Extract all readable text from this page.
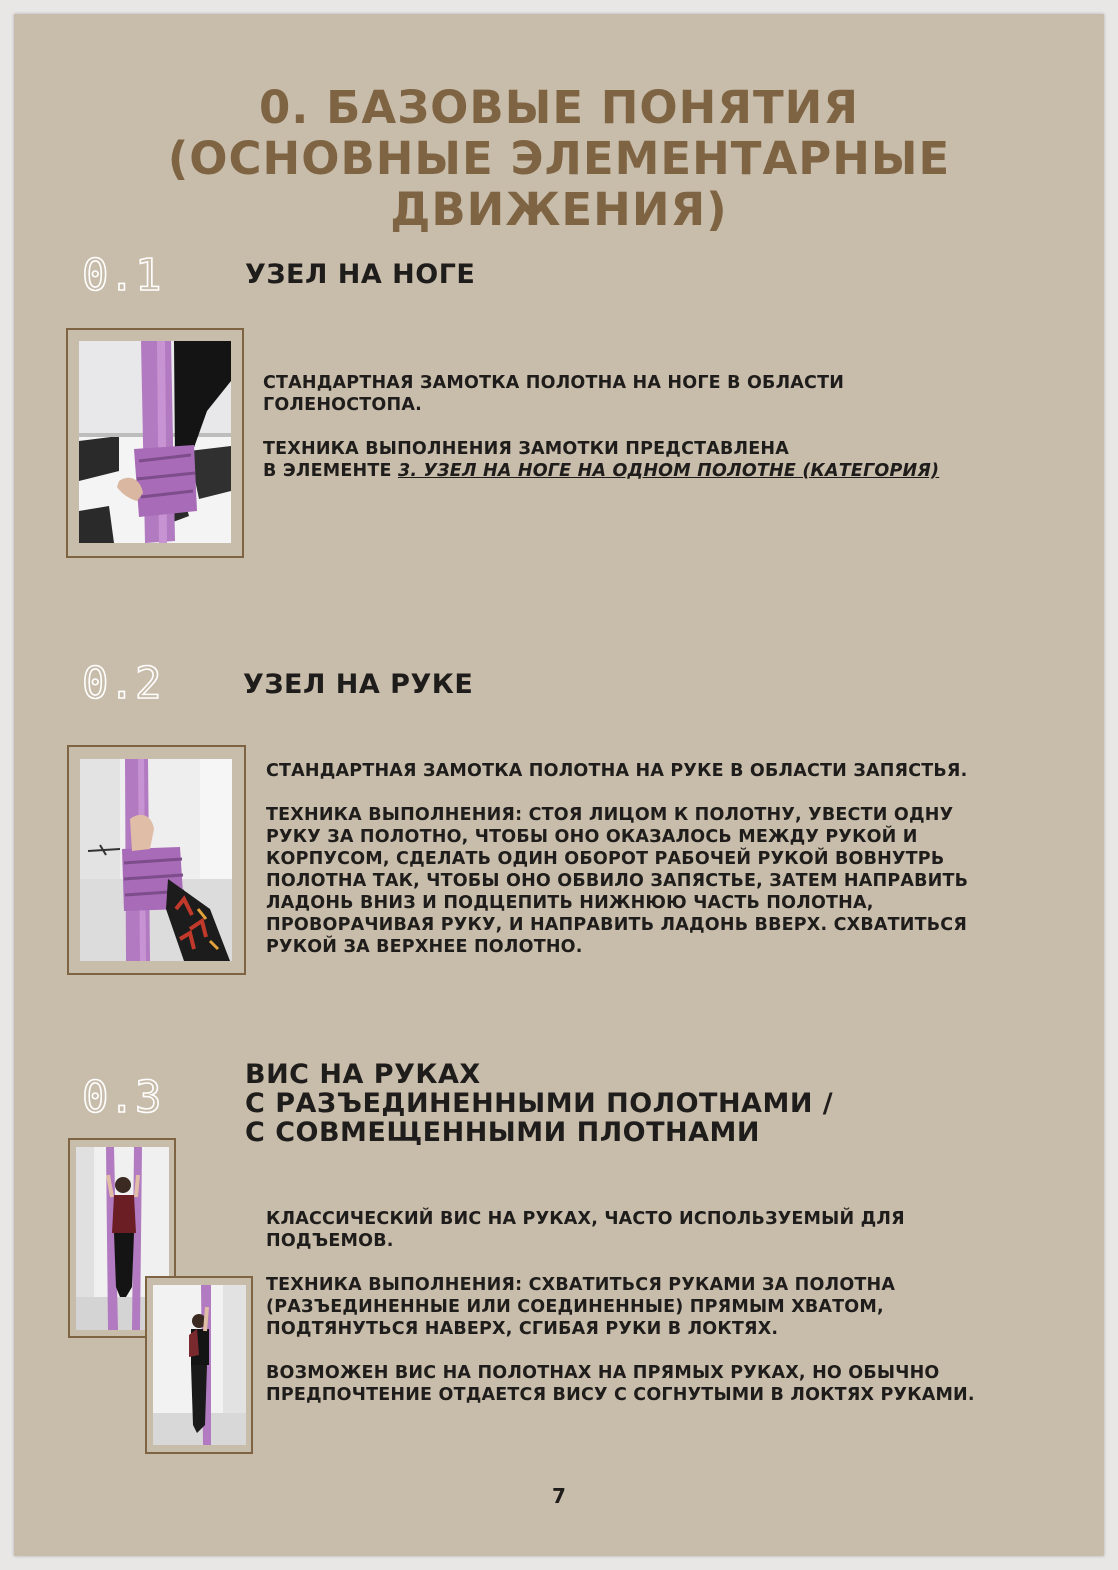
0. БАЗОВЫЕ ПОНЯТИЯ
(ОСНОВНЫЕ ЭЛЕМЕНТАРНЫЕ
ДВИЖЕНИЯ)
0.1	УЗЕЛ НА НОГЕ

СТАНДАРТНАЯ ЗАМОТКА ПОЛОТНА НА НОГЕ В ОБЛАСТИ ГОЛЕНОСТОПА.

ТЕХНИКА ВЫПОЛНЕНИЯ ЗАМОТКИ ПРЕДСТАВЛЕНА
В ЭЛЕМЕНТЕ 3. УЗЕЛ НА НОГЕ НА ОДНОМ ПОЛОТНЕ (КАТЕГОРИЯ)

0.2	УЗЕЛ НА РУКЕ

СТАНДАРТНАЯ ЗАМОТКА ПОЛОТНА НА РУКЕ В ОБЛАСТИ ЗАПЯСТЬЯ.

ТЕХНИКА ВЫПОЛНЕНИЯ: СТОЯ ЛИЦОМ К ПОЛОТНУ, УВЕСТИ ОДНУ РУКУ ЗА ПОЛОТНО, ЧТОБЫ ОНО ОКАЗАЛОСЬ МЕЖДУ РУКОЙ И КОРПУСОМ, СДЕЛАТЬ ОДИН ОБОРОТ РАБОЧЕЙ РУКОЙ ВОВНУТРЬ ПОЛОТНА ТАК, ЧТОБЫ ОНО ОБВИЛО ЗАПЯСТЬЕ, ЗАТЕМ НАПРАВИТЬ ЛАДОНЬ ВНИЗ И ПОДЦЕПИТЬ НИЖНЮЮ ЧАСТЬ ПОЛОТНА, ПРОВОРАЧИВАЯ РУКУ, И НАПРАВИТЬ ЛАДОНЬ ВВЕРХ. СХВАТИТЬСЯ РУКОЙ ЗА ВЕРХНЕЕ ПОЛОТНО.

0.3	ВИС НА РУКАХ
С РАЗЪЕДИНЕННЫМИ ПОЛОТНАМИ /
С СОВМЕЩЕННЫМИ ПЛОТНАМИ

КЛАССИЧЕСКИЙ ВИС НА РУКАХ, ЧАСТО ИСПОЛЬЗУЕМЫЙ ДЛЯ ПОДЪЕМОВ.

ТЕХНИКА ВЫПОЛНЕНИЯ: СХВАТИТЬСЯ РУКАМИ ЗА ПОЛОТНА (РАЗЪЕДИНЕННЫЕ ИЛИ СОЕДИНЕННЫЕ) ПРЯМЫМ ХВАТОМ, ПОДТЯНУТЬСЯ НАВЕРХ, СГИБАЯ РУКИ В ЛОКТЯХ.

ВОЗМОЖЕН ВИС НА ПОЛОТНАХ НА ПРЯМЫХ РУКАХ, НО ОБЫЧНО ПРЕДПОЧТЕНИЕ ОТДАЕТСЯ ВИСУ С СОГНУТЫМИ В ЛОКТЯХ РУКАМИ.

7
